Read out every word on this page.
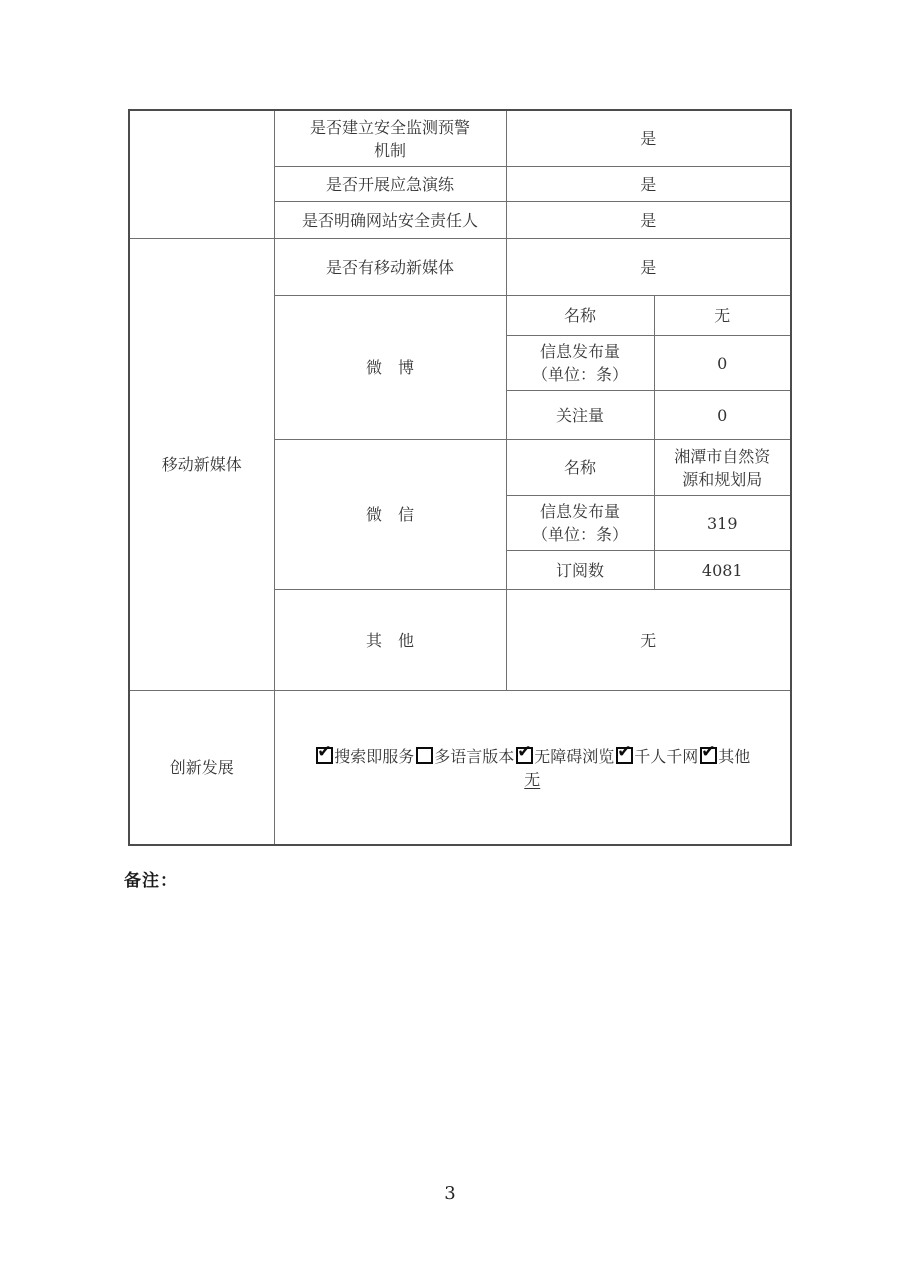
	是否建立安全监测预警
机制	是	
	是否开展应急演练	是	
	是否明确网站安全责任人	是	
移动新媒体	是否有移动新媒体	是	
	微　博	名称	无

		信息发布量
（单位：条）	0
		关注量	0
	微　信	名称	湘潭市自然资
源和规划局

		信息发布量
（单位：条）	319
		订阅数	4081
	其　他	无	
创新发展	✔搜索即服务 多语言版本 ✔ 无障碍浏览 ✔ 千人千网 ✔ 其他
无
备注：
3
